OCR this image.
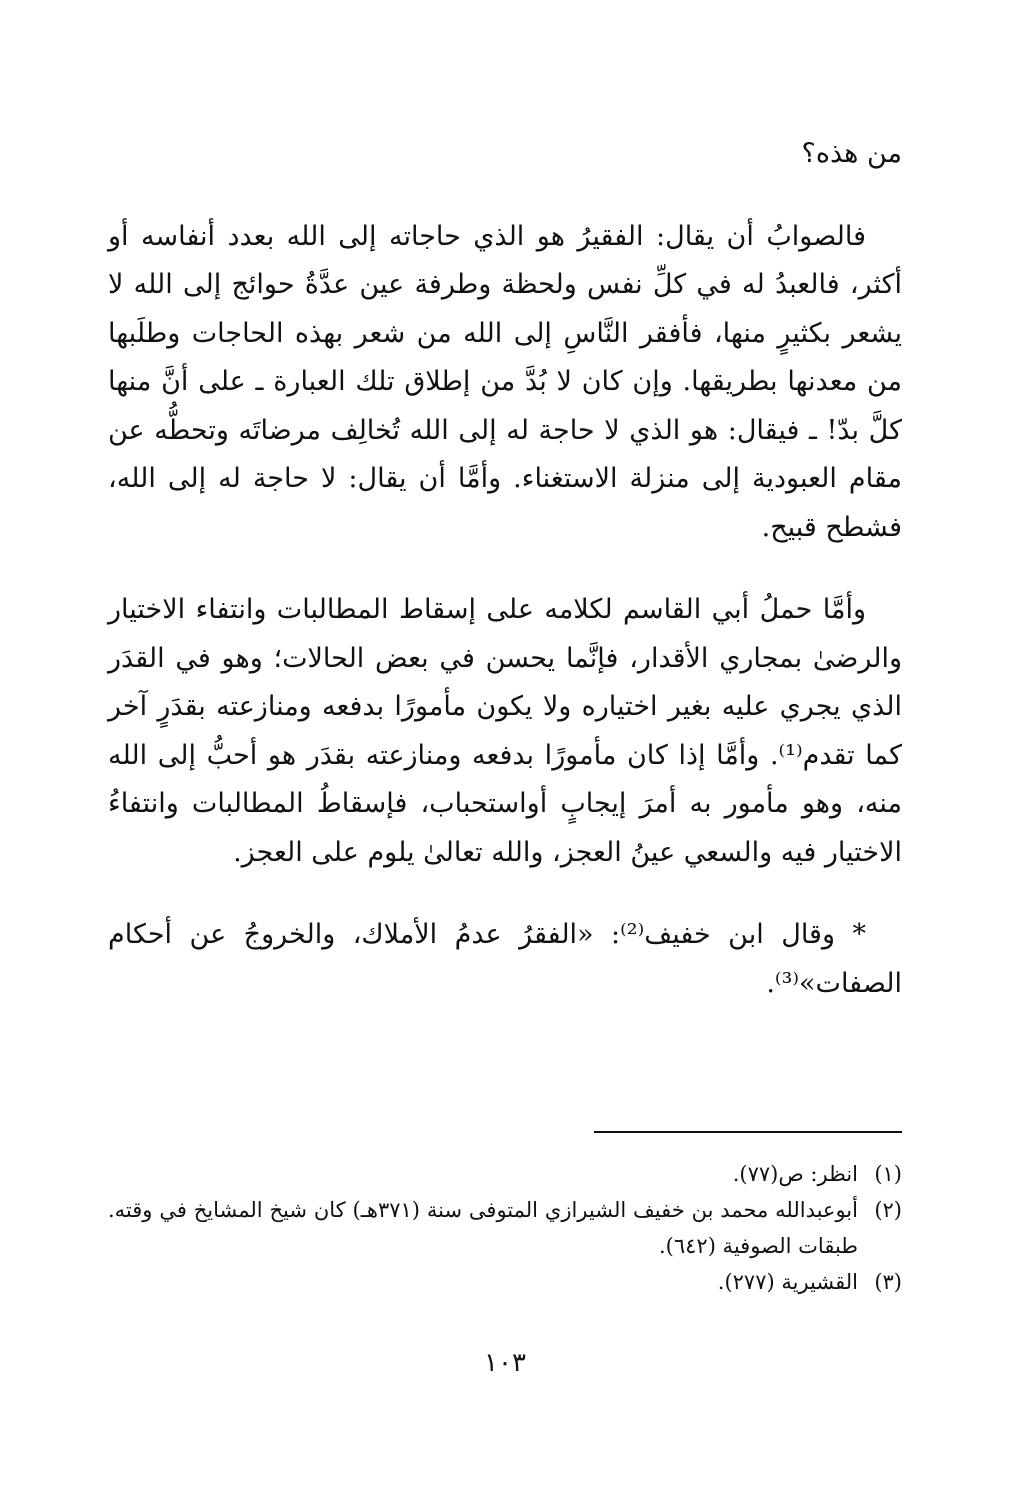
من هذه؟

فالصوابُ أن يقال: الفقيرُ هو الذي حاجاته إلى الله بعدد أنفاسه أو أكثر، فالعبدُ له في كلِّ نفس ولحظة وطرفة عين عدَّةُ حوائج إلى الله لا يشعر بكثيرٍ منها، فأفقر النَّاسِ إلى الله من شعر بهذه الحاجات وطلَبها من معدنها بطريقها. وإن كان لا بُدَّ من إطلاق تلك العبارة ـ على أنَّ منها كلَّ بدّ! ـ فيقال: هو الذي لا حاجة له إلى الله تُخالِف مرضاتَه وتحطُّه عن مقام العبودية إلى منزلة الاستغناء. وأمَّا أن يقال: لا حاجة له إلى الله، فشطح قبيح.

وأمَّا حملُ أبي القاسم لكلامه على إسقاط المطالبات وانتفاء الاختيار والرضىٰ بمجاري الأقدار، فإنَّما يحسن في بعض الحالات؛ وهو في القدَر الذي يجري عليه بغير اختياره ولا يكون مأمورًا بدفعه ومنازعته بقدَرٍ آخر كما تقدم⁽¹⁾. وأمَّا إذا كان مأمورًا بدفعه ومنازعته بقدَر هو أحبُّ إلى الله منه، وهو مأمور به أمرَ إيجابٍ أواستحباب، فإسقاطُ المطالبات وانتفاءُ الاختيار فيه والسعي عينُ العجز، والله تعالىٰ يلوم على العجز.

* وقال ابن خفيف⁽²⁾: «الفقرُ عدمُ الأملاك، والخروجُ عن أحكام الصفات»⁽³⁾.

(١)
انظر: ص(٧٧).
(٢)
أبوعبدالله محمد بن خفيف الشيرازي المتوفى سنة (٣٧١هـ) كان شيخ المشايخ في وقته. طبقات الصوفية (٦٤٢).
(٣)
القشيرية (٢٧٧).
١٠٣
